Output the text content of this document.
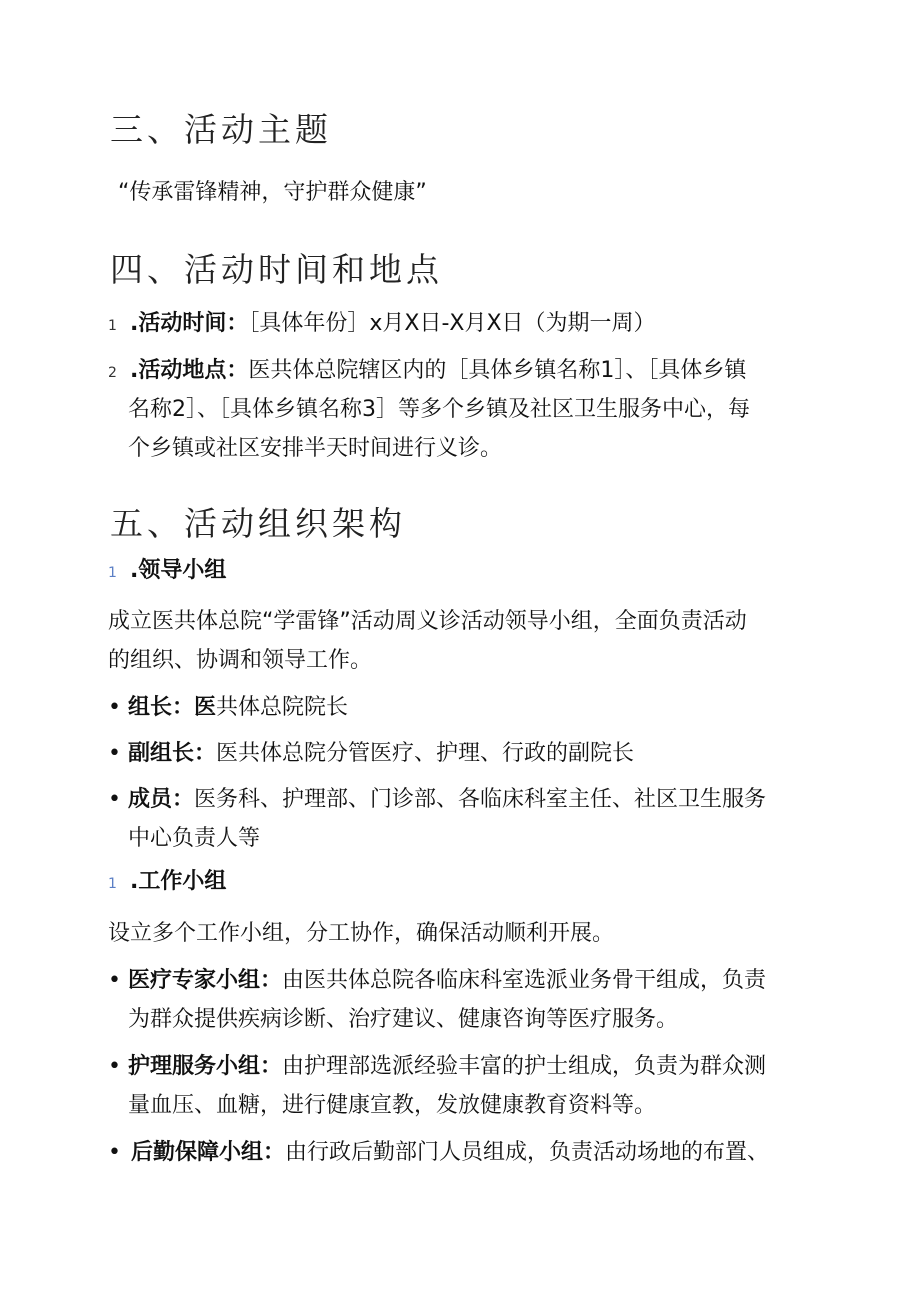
三、活动主题
“传承雷锋精神，守护群众健康”
四、活动时间和地点
1 .活动时间：［具体年份］x月X日-X月X日（为期一周）
2 .活动地点：医共体总院辖区内的［具体乡镇名称1］、［具体乡镇
名称2］、［具体乡镇名称3］等多个乡镇及社区卫生服务中心，每
个乡镇或社区安排半天时间进行义诊。
五、活动组织架构
1 .领导小组
成立医共体总院“学雷锋”活动周义诊活动领导小组，全面负责活动
的组织、协调和领导工作。
• 组长：医共体总院院长
• 副组长：医共体总院分管医疗、护理、行政的副院长
• 成员：医务科、护理部、门诊部、各临床科室主任、社区卫生服务
中心负责人等
1 .工作小组
设立多个工作小组，分工协作，确保活动顺利开展。
• 医疗专家小组：由医共体总院各临床科室选派业务骨干组成，负责
为群众提供疾病诊断、治疗建议、健康咨询等医疗服务。
• 护理服务小组：由护理部选派经验丰富的护士组成，负责为群众测
量血压、血糖，进行健康宣教，发放健康教育资料等。
• 后勤保障小组：由行政后勤部门人员组成，负责活动场地的布置、
